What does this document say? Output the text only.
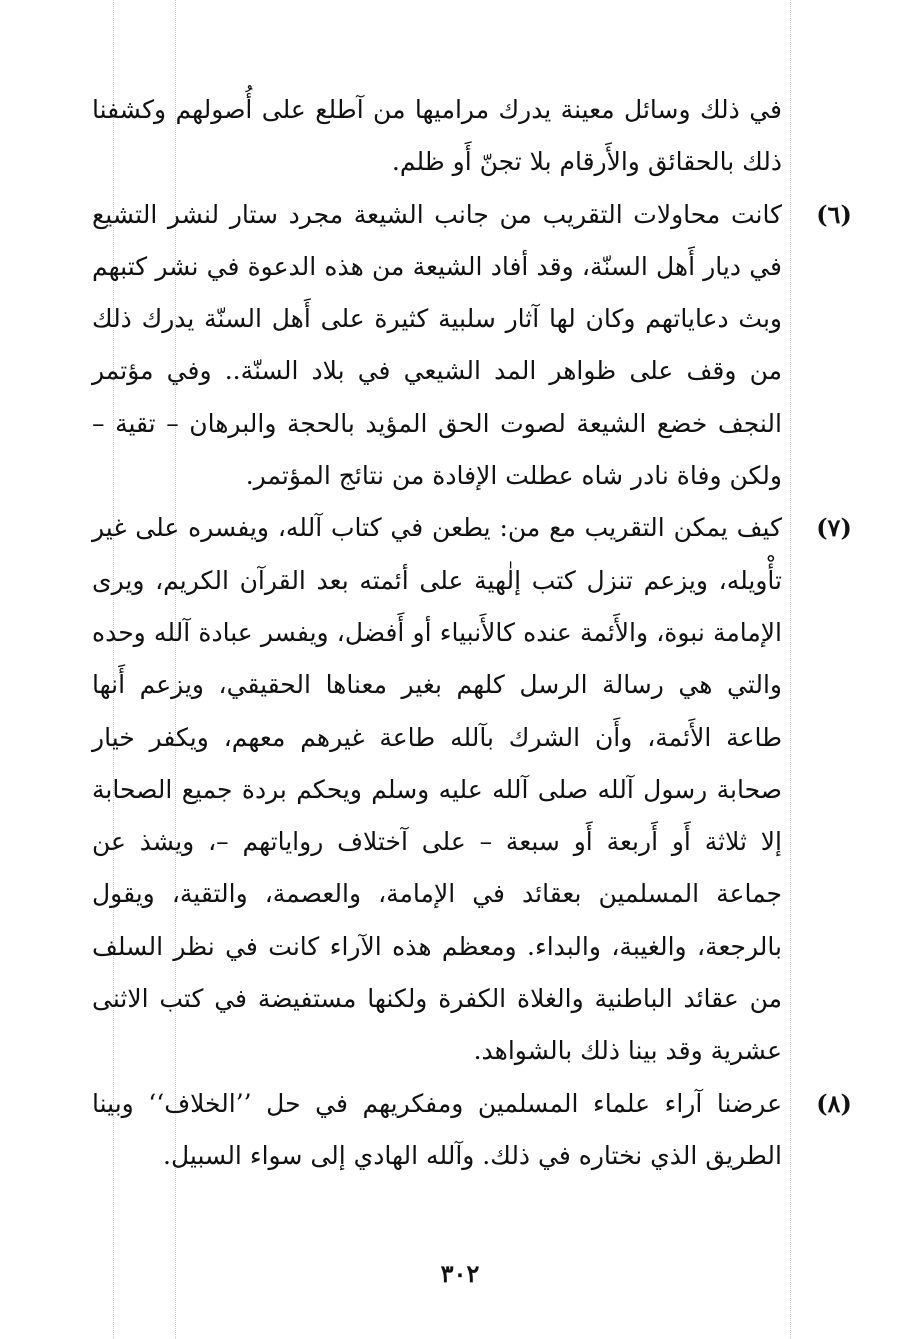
في ذلك وسائل معينة يدرك مراميها من آطلع على أُصولهم وكشفنا ذلك بالحقائق والأَرقام بلا تجنّ أَو ظلم.

(٦)

كانت محاولات التقريب من جانب الشيعة مجرد ستار لنشر التشيع في ديار أَهل السنّة، وقد أفاد الشيعة من هذه الدعوة في نشر كتبهم وبث دعاياتهم وكان لها آثار سلبية كثيرة على أَهل السنّة يدرك ذلك من وقف على ظواهر المد الشيعي في بلاد السنّة.. وفي مؤتمر النجف خضع الشيعة لصوت الحق المؤيد بالحجة والبرهان – تقية – ولكن وفاة نادر شاه عطلت الإفادة من نتائج المؤتمر.

(٧)

كيف يمكن التقريب مع من: يطعن في كتاب آلله، ويفسره على غير تأْويله، ويزعم تنزل كتب إلٰهية على أئمته بعد القرآن الكريم، ويرى الإمامة نبوة، والأَئمة عنده كالأَنبياء أو أَفضل، ويفسر عبادة آلله وحده والتي هي رسالة الرسل كلهم بغير معناها الحقيقي، ويزعم أَنها طاعة الأَئمة، وأَن الشرك بآلله طاعة غيرهم معهم، ويكفر خيار صحابة رسول آلله صلى آلله عليه وسلم ويحكم بردة جميع الصحابة إلا ثلاثة أَو أَربعة أَو سبعة – على آختلاف رواياتهم –، ويشذ عن جماعة المسلمين بعقائد في الإمامة، والعصمة، والتقية، ويقول بالرجعة، والغيبة، والبداء. ومعظم هذه الآراء كانت في نظر السلف من عقائد الباطنية والغلاة الكفرة ولكنها مستفيضة في كتب الاثنى عشرية وقد بينا ذلك بالشواهد.

(٨)

عرضنا آراء علماء المسلمين ومفكريهم في حل ’’الخلاف‘‘ وبينا الطريق الذي نختاره في ذلك. وآلله الهادي إلى سواء السبيل.

٣٠٢
